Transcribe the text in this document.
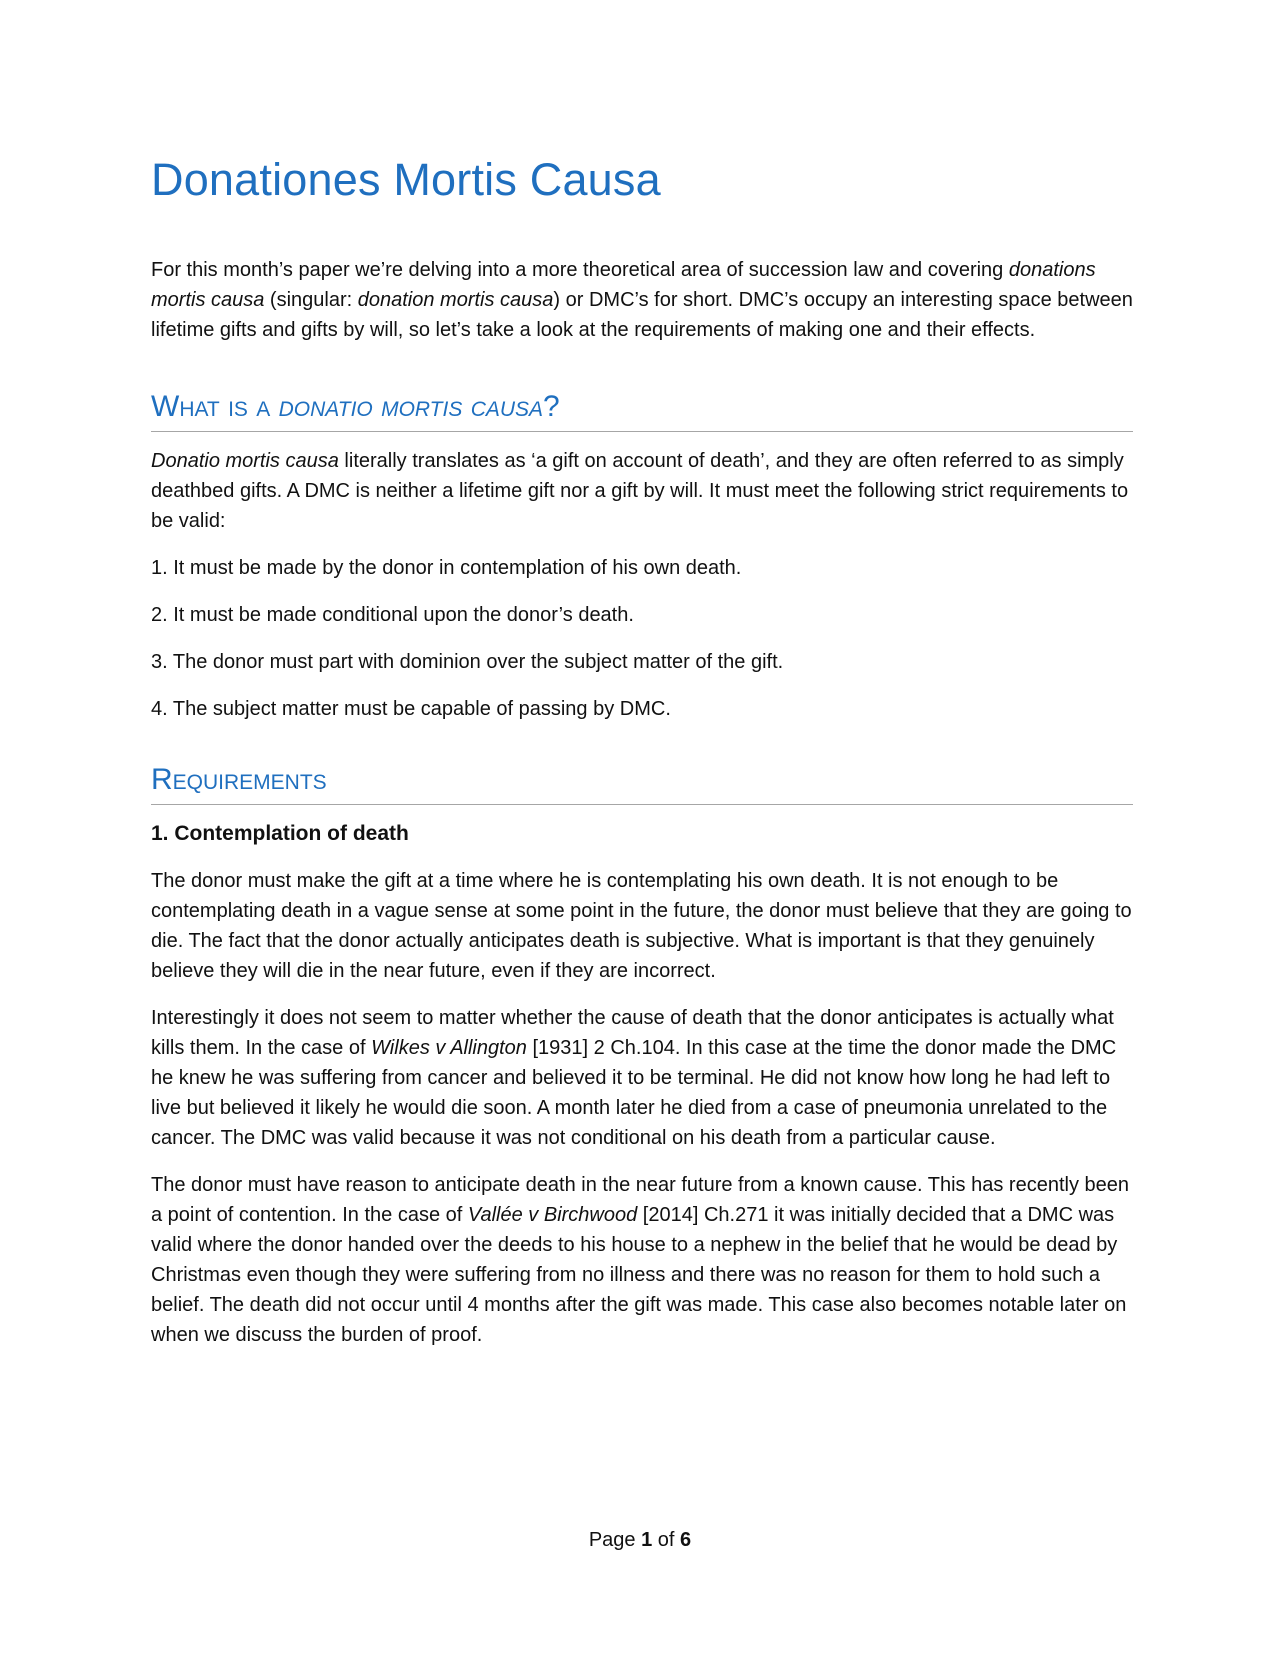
Donationes Mortis Causa

For this month’s paper we’re delving into a more theoretical area of succession law and covering donations mortis causa (singular: donation mortis causa) or DMC’s for short. DMC’s occupy an interesting space between lifetime gifts and gifts by will, so let’s take a look at the requirements of making one and their effects.

What is a donatio mortis causa?

Donatio mortis causa literally translates as ‘a gift on account of death’, and they are often referred to as simply deathbed gifts. A DMC is neither a lifetime gift nor a gift by will. It must meet the following strict requirements to be valid:

1. It must be made by the donor in contemplation of his own death.

2. It must be made conditional upon the donor’s death.

3. The donor must part with dominion over the subject matter of the gift.

4. The subject matter must be capable of passing by DMC.

Requirements
1. Contemplation of death

The donor must make the gift at a time where he is contemplating his own death. It is not enough to be contemplating death in a vague sense at some point in the future, the donor must believe that they are going to die. The fact that the donor actually anticipates death is subjective. What is important is that they genuinely believe they will die in the near future, even if they are incorrect.

Interestingly it does not seem to matter whether the cause of death that the donor anticipates is actually what kills them. In the case of Wilkes v Allington [1931] 2 Ch.104. In this case at the time the donor made the DMC he knew he was suffering from cancer and believed it to be terminal. He did not know how long he had left to live but believed it likely he would die soon. A month later he died from a case of pneumonia unrelated to the cancer. The DMC was valid because it was not conditional on his death from a particular cause.

The donor must have reason to anticipate death in the near future from a known cause. This has recently been a point of contention. In the case of Vallée v Birchwood [2014] Ch.271 it was initially decided that a DMC was valid where the donor handed over the deeds to his house to a nephew in the belief that he would be dead by Christmas even though they were suffering from no illness and there was no reason for them to hold such a belief. The death did not occur until 4 months after the gift was made. This case also becomes notable later on when we discuss the burden of proof.

Page 1 of 6
